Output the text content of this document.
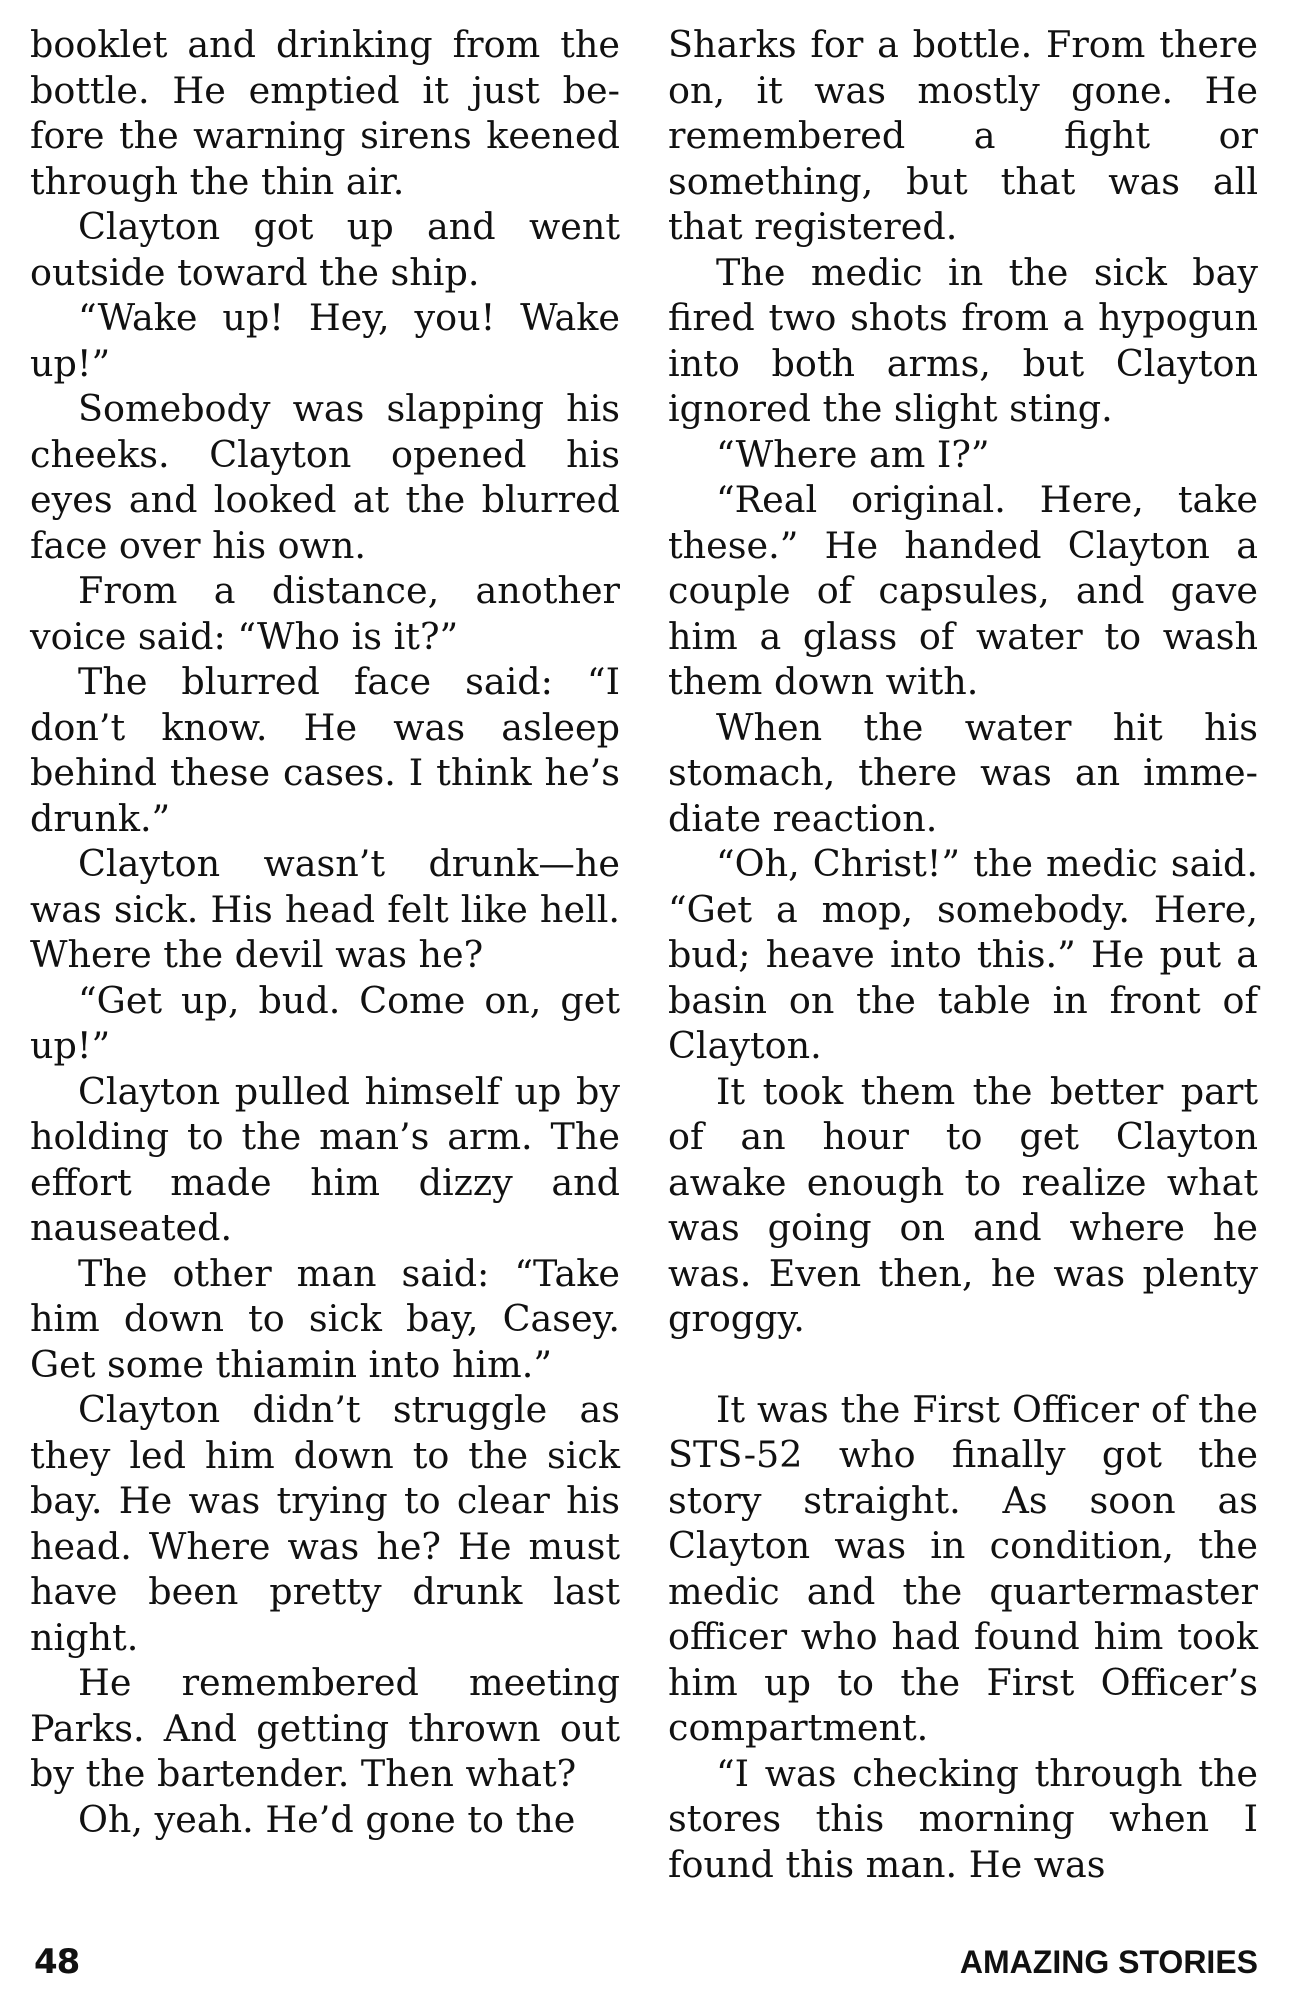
booklet and drinking from the bottle. He emptied it just before the warning sirens keened through the thin air.

Clayton got up and went outside toward the ship.

“Wake up! Hey, you! Wake up!”

Somebody was slapping his cheeks. Clayton opened his eyes and looked at the blurred face over his own.

From a distance, another voice said: “Who is it?”

The blurred face said: “I don’t know. He was asleep behind these cases. I think he’s drunk.”

Clayton wasn’t drunk—he was sick. His head felt like hell. Where the devil was he?

“Get up, bud. Come on, get up!”

Clayton pulled himself up by holding to the man’s arm. The effort made him dizzy and nauseated.

The other man said: “Take him down to sick bay, Casey. Get some thiamin into him.”

Clayton didn’t struggle as they led him down to the sick bay. He was trying to clear his head. Where was he? He must have been pretty drunk last night.

He remembered meeting Parks. And getting thrown out by the bartender. Then what?

Oh, yeah. He’d gone to the

Sharks for a bottle. From there on, it was mostly gone. He remembered a fight or something, but that was all that registered.

The medic in the sick bay fired two shots from a hypogun into both arms, but Clayton ignored the slight sting.

“Where am I?”

“Real original. Here, take these.” He handed Clayton a couple of capsules, and gave him a glass of water to wash them down with.

When the water hit his stomach, there was an immediate reaction.

“Oh, Christ!” the medic said. “Get a mop, somebody. Here, bud; heave into this.” He put a basin on the table in front of Clayton.

It took them the better part of an hour to get Clayton awake enough to realize what was going on and where he was. Even then, he was plenty groggy.

It was the First Officer of the STS-52 who finally got the story straight. As soon as Clayton was in condition, the medic and the quartermaster officer who had found him took him up to the First Officer’s compartment.

“I was checking through the stores this morning when I found this man. He was

48	AMAZING STORIES
